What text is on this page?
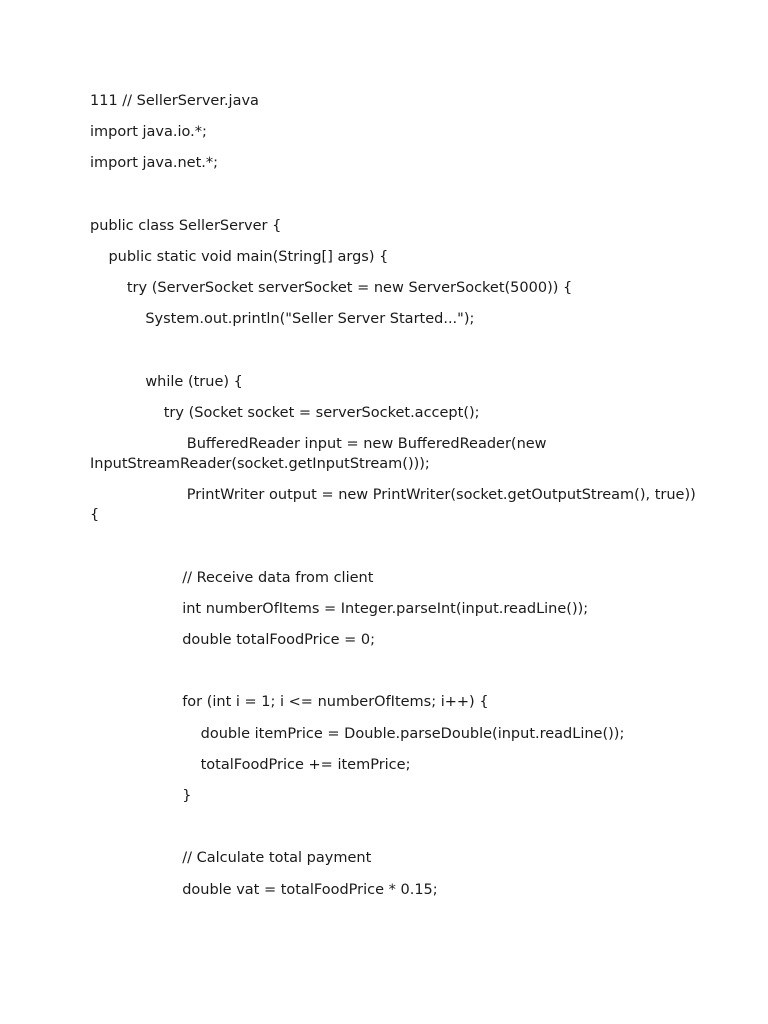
111 // SellerServer.java
import java.io.*;
import java.net.*;
public class SellerServer {
public static void main(String[] args) {
try (ServerSocket serverSocket = new ServerSocket(5000)) {
System.out.println("Seller Server Started...");
while (true) {
try (Socket socket = serverSocket.accept();
BufferedReader input = new BufferedReader(new InputStreamReader(socket.getInputStream()));
PrintWriter output = new PrintWriter(socket.getOutputStream(), true)) {
// Receive data from client
int numberOfItems = Integer.parseInt(input.readLine());
double totalFoodPrice = 0;
for (int i = 1; i <= numberOfItems; i++) {
double itemPrice = Double.parseDouble(input.readLine());
totalFoodPrice += itemPrice;
}
// Calculate total payment
double vat = totalFoodPrice * 0.15;
